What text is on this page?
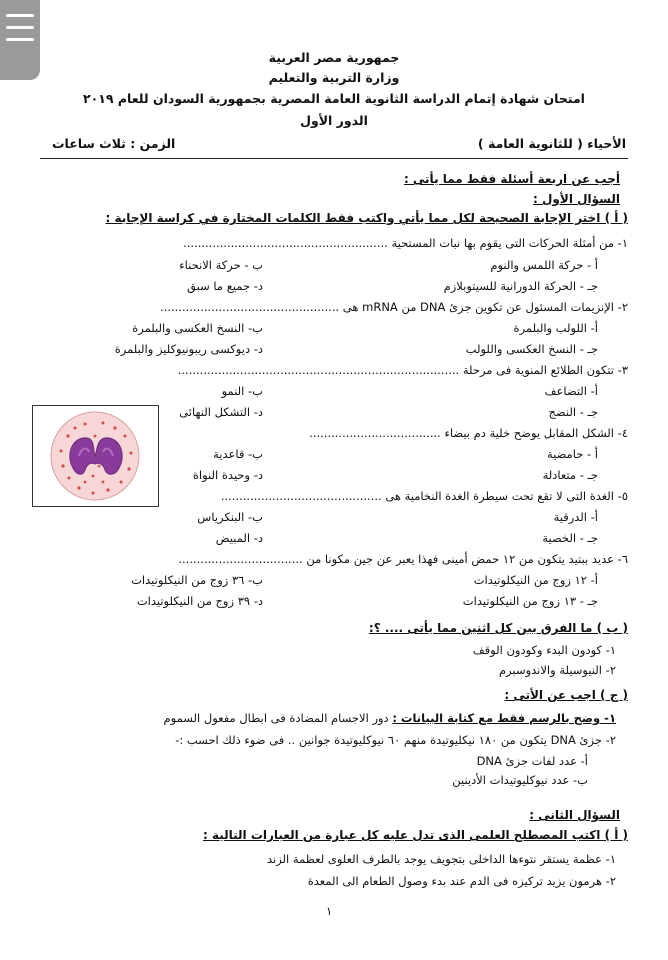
جمهورية مصر العربية
وزارة التربية والتعليم
امتحان شهادة إتمام الدراسة الثانوية العامة المصرية بجمهورية السودان للعام ٢٠١٩
الدور الأول
الأحياء ( للثانوية العامة )
الزمن : ثلاث ساعات
أجب عن اربعة أسئلة فقط مما يأتى :
السؤال الأول :
( أ ) اختر الإجابة الصحيحة لكل مما يأتي واكتب فقط الكلمات المختارة في كراسة الإجابة :
١- من أمثلة الحركات التى يقوم بها نبات المستحية ........................................................
أ - حركة اللمس والنوم
ب - حركة الانحناء
جـ - الحركة الدورانية للسيتوبلازم
د- جميع ما سبق
٢- الإنزيمات المسئول عن تكوين جزئ DNA من mRNA هى .................................................
أ- اللولب والبلمرة
ب- النسخ العكسى والبلمرة
جـ - النسخ العكسى واللولب
د- ديوكسى ريبونيوكليز والبلمرة
٣- تتكون الطلائع المنوية فى مرحلة .............................................................................
أ- التضاعف
ب- النمو
جـ - النضج
د- التشكل النهائى
٤- الشكل المقابل يوضح خلية دم بيضاء ....................................
أ - حامضية
ب- قاعدية
جـ - متعادلة
د- وحيدة النواة
٥- الغدة التى لا تقع تحت سيطرة الغدة النخامية هى ............................................
أ- الدرقية
ب- البنكرياس
جـ - الخصية
د- المبيض
٦- عديد ببتيد يتكون من ١٢ حمض أمينى فهذا يعبر عن جين مكونا من ..................................
أ- ١٢ زوج من النيكلوتيدات
ب- ٣٦ زوج من النيكلوتيدات
جـ - ١٣ زوج من النيكلوتيدات
د- ٣٩ زوج من النيكلوتيدات
( ب ) ما الفرق بين كل اثنين مما يأتى .... ؟:
١- كودون البدء وكودون الوقف
٢- النيوسيلة والاندوسبرم
( ج ) اجب عن الأتى :
١- وضح بالرسم فقط مع كتابة البيانات : دور الاجسام المضادة فى ابطال مفعول السموم
٢- جزئ DNA يتكون من ١٨٠ نيكليوتيدة منهم ٦٠ نيوكليوتيدة جوانين .. فى ضوء ذلك احسب :-
أ- عدد لفات جزئ DNA
ب- عدد نيوكليوتيدات الأدينين
السؤال الثانى :
( أ ) اكتب المصطلح العلمى الذى تدل عليه كل عبارة من العبارات التالية :
١- عظمة يستقر نتوءها الداخلى بتجويف يوجد بالطرف العلوى لعظمة الزند
٢- هرمون يزيد تركيزه فى الدم عند بدء وصول الطعام الى المعدة
١
